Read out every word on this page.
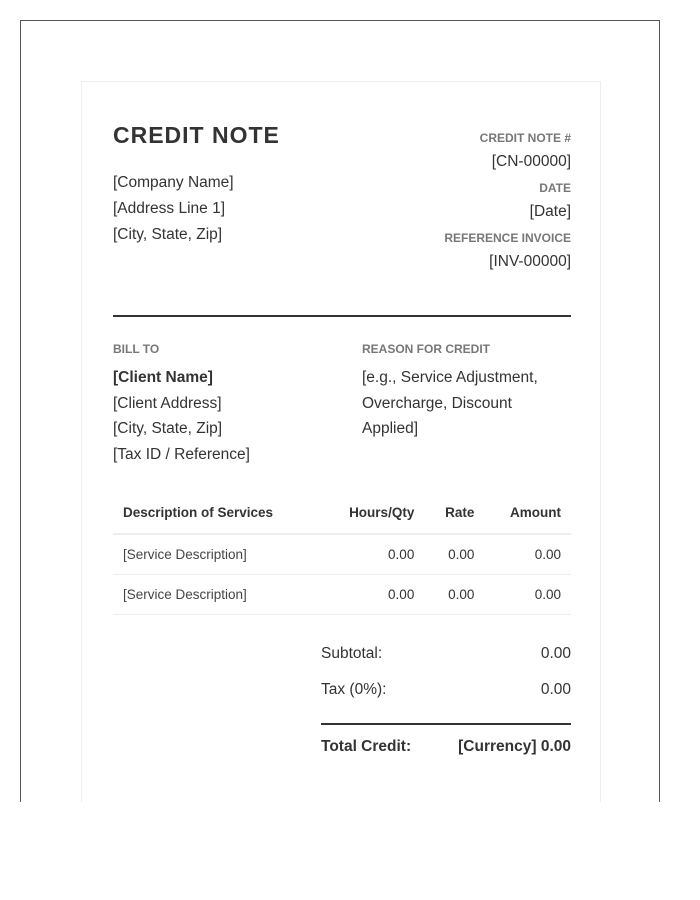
CREDIT NOTE
[Company Name]
[Address Line 1]
[City, State, Zip]
CREDIT NOTE #
[CN-00000]
DATE
[Date]
REFERENCE INVOICE
[INV-00000]
BILL TO
[Client Name]
[Client Address]
[City, State, Zip]
[Tax ID / Reference]
REASON FOR CREDIT
[e.g., Service Adjustment, Overcharge, Discount Applied]
Description of Services	Hours/Qty	Rate	Amount
[Service Description]	0.00	0.00	0.00
[Service Description]	0.00	0.00	0.00
Subtotal:	0.00
Tax (0%):	0.00
Total Credit:	[Currency] 0.00
